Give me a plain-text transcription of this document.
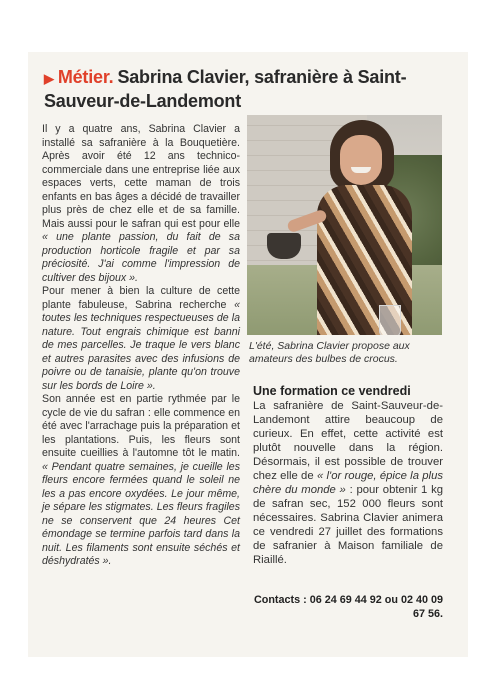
▶ Métier. Sabrina Clavier, safranière à Saint-Sauveur-de-Landemont

Il y a quatre ans, Sabrina Clavier a installé sa safranière à la Bouquetière. Après avoir été 12 ans technico-commerciale dans une entreprise liée aux espaces verts, cette maman de trois enfants en bas âges a décidé de travailler plus près de chez elle et de sa famille. Mais aussi pour le safran qui est pour elle « une plante passion, du fait de sa production horticole fragile et par sa préciosité. J'ai comme l'impression de cultiver des bijoux ».

Pour mener à bien la culture de cette plante fabuleuse, Sabrina recherche « toutes les techniques respectueuses de la nature. Tout engrais chimique est banni de mes parcelles. Je traque le vers blanc et autres parasites avec des infusions de poivre ou de tanaisie, plante qu'on trouve sur les bords de Loire ».

Son année est en partie rythmée par le cycle de vie du safran : elle commence en été avec l'arrachage puis la préparation et les plantations. Puis, les fleurs sont ensuite cueillies à l'automne tôt le matin. « Pendant quatre semaines, je cueille les fleurs encore fermées quand le soleil ne les a pas encore oxydées. Le jour même, je sépare les stigmates. Les fleurs fragiles ne se conservent que 24 heures Cet émondage se termine parfois tard dans la nuit. Les filaments sont ensuite séchés et déshydratés ».

L'été, Sabrina Clavier propose aux amateurs des bulbes de crocus.
Une formation ce vendredi

La safranière de Saint-Sauveur-de-Landemont attire beaucoup de curieux. En effet, cette activité est plutôt nouvelle dans la région. Désormais, il est possible de trouver chez elle de « l'or rouge, épice la plus chère du monde » : pour obtenir 1 kg de safran sec, 152 000 fleurs sont nécessaires. Sabrina Clavier animera ce vendredi 27 juillet des formations de safranier à Maison familiale de Riaillé.

Contacts : 06 24 69 44 92 ou 02 40 09 67 56.
